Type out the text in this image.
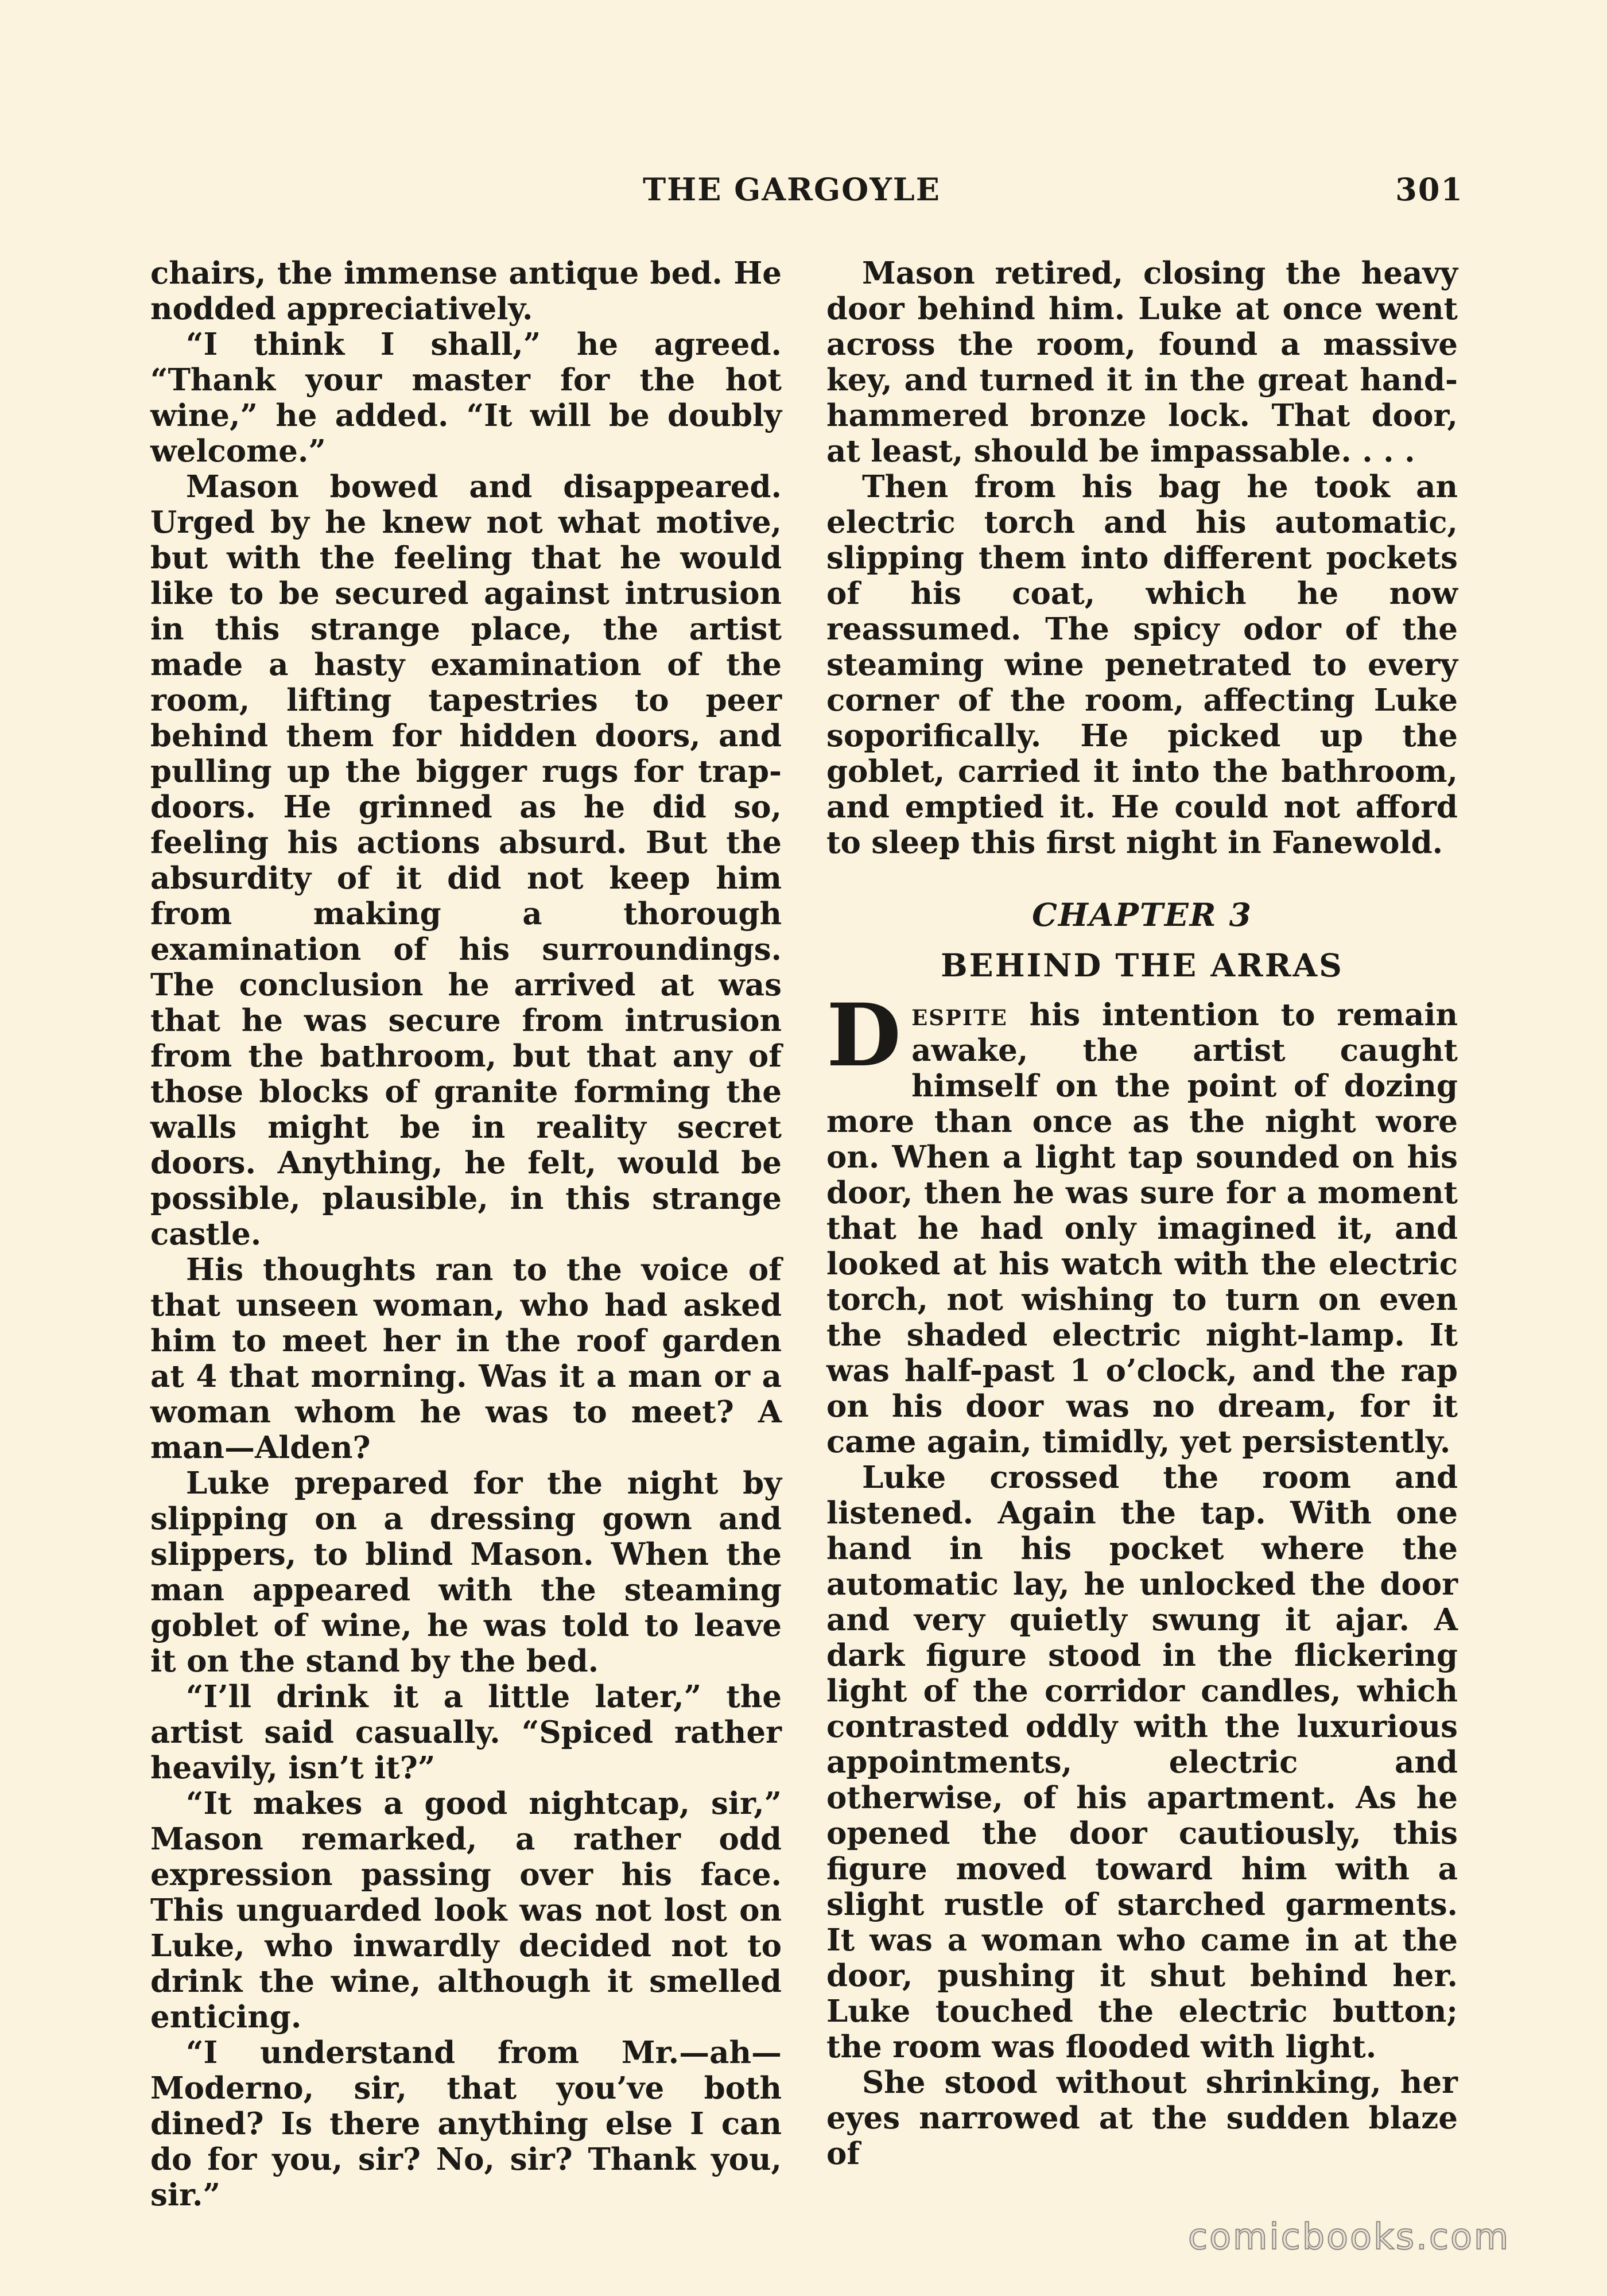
THE GARGOYLE	301

chairs, the immense antique bed. He nodded appreciatively.

“I think I shall,” he agreed. “Thank your master for the hot wine,” he added. “It will be doubly welcome.”

Mason bowed and disappeared. Urged by he knew not what motive, but with the feeling that he would like to be secured against intrusion in this strange place, the artist made a hasty examination of the room, lifting tapestries to peer behind them for hidden doors, and pulling up the bigger rugs for trap-doors. He grinned as he did so, feeling his actions absurd. But the absurdity of it did not keep him from making a thorough examination of his surroundings. The conclusion he arrived at was that he was secure from intrusion from the bathroom, but that any of those blocks of granite forming the walls might be in reality secret doors. Anything, he felt, would be possible, plausible, in this strange castle.

His thoughts ran to the voice of that unseen woman, who had asked him to meet her in the roof garden at 4 that morning. Was it a man or a woman whom he was to meet? A man—Alden?

Luke prepared for the night by slipping on a dressing gown and slippers, to blind Mason. When the man appeared with the steaming goblet of wine, he was told to leave it on the stand by the bed.

“I’ll drink it a little later,” the artist said casually. “Spiced rather heavily, isn’t it?”

“It makes a good nightcap, sir,” Mason remarked, a rather odd expression passing over his face. This unguarded look was not lost on Luke, who inwardly decided not to drink the wine, although it smelled enticing.

“I understand from Mr.—ah—Moderno, sir, that you’ve both dined? Is there anything else I can do for you, sir? No, sir? Thank you, sir.”

Mason retired, closing the heavy door behind him. Luke at once went across the room, found a massive key, and turned it in the great hand-hammered bronze lock. That door, at least, should be impassable. . . .

Then from his bag he took an electric torch and his automatic, slipping them into different pockets of his coat, which he now reassumed. The spicy odor of the steaming wine penetrated to every corner of the room, affecting Luke soporifically. He picked up the goblet, carried it into the bathroom, and emptied it. He could not afford to sleep this first night in Fanewold.

CHAPTER 3
BEHIND THE ARRAS

Despite his intention to remain awake, the artist caught himself on the point of dozing more than once as the night wore on. When a light tap sounded on his door, then he was sure for a moment that he had only imagined it, and looked at his watch with the electric torch, not wishing to turn on even the shaded electric night-lamp. It was half-past 1 o’clock, and the rap on his door was no dream, for it came again, timidly, yet persistently.

Luke crossed the room and listened. Again the tap. With one hand in his pocket where the automatic lay, he unlocked the door and very quietly swung it ajar. A dark figure stood in the flickering light of the corridor candles, which contrasted oddly with the luxurious appointments, electric and otherwise, of his apartment. As he opened the door cautiously, this figure moved toward him with a slight rustle of starched garments. It was a woman who came in at the door, pushing it shut behind her. Luke touched the electric button; the room was flooded with light.

She stood without shrinking, her eyes narrowed at the sudden blaze of

comicbooks.com
